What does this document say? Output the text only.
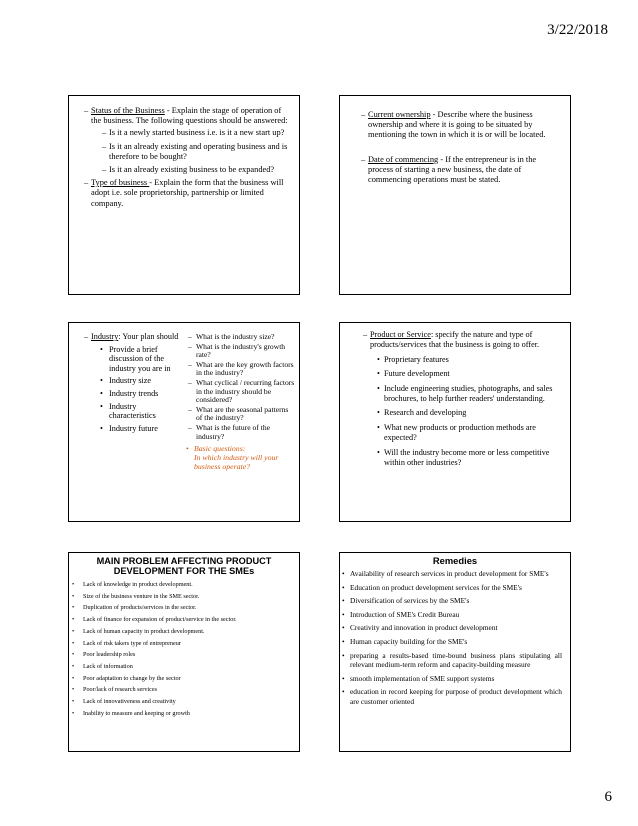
3/22/2018
– Status of the Business - Explain the stage of operation of the business. The following questions should be answered:
– Is it a newly started business i.e. is it a new start up?
– Is it an already existing and operating business and is therefore to be bought?
– Is it an already existing business to be expanded?
– Type of business - Explain the form that the business will adopt i.e. sole proprietorship, partnership or limited company.
– Current ownership - Describe where the business ownership and where it is going to be situated by mentioning the town in which it is or will be located.
– Date of commencing - If the entrepreneur is in the process of starting a new business, the date of commencing operations must be stated.
– Industry: Your plan should
• Provide a brief discussion of the industry you are in
• Industry size
• Industry trends
• Industry characteristics
• Industry future
– What is the industry size?
– What is the industry's growth rate?
– What are the key growth factors in the industry?
– What cyclical / recurring factors in the industry should be considered?
– What are the seasonal patterns of the industry?
– What is the future of the industry?
• Basic questions:
In which industry will your business operate?
– Product or Service: specify the nature and type of products/services that the business is going to offer.
• Proprietary features
• Future development
• Include engineering studies, photographs, and sales brochures, to help further readers' understanding.
• Research and developing
• What new products or production methods are expected?
• Will the industry become more or less competitive within other industries?
MAIN PROBLEM AFFECTING PRODUCT DEVELOPMENT FOR THE SMEs
• Lack of knowledge in product development.
• Size of the business venture in the SME sector.
• Duplication of products/services in the sector.
• Lack of finance for expansion of product/service in the sector.
• Lack of human capacity in product development.
• Lack of risk takers type of entrepreneur
• Poor leadership roles
• Lack of information
• Poor adaptation to change by the sector
• Poor/lack of research services
• Lack of innovativeness and creativity
• Inability to measure and keeping or growth
Remedies
• Availability of research services in product development for SME's
• Education on product development services for the SME's
• Diversification of services by the SME's
• Introduction of SME's Credit Bureau
• Creativity and innovation in product development
• Human capacity building for the SME's
• preparing a results-based time-bound business plans stipulating all relevant medium-term reform and capacity-building measure
• smooth implementation of SME support systems
• education in record keeping for purpose of product development which are customer oriented
6
